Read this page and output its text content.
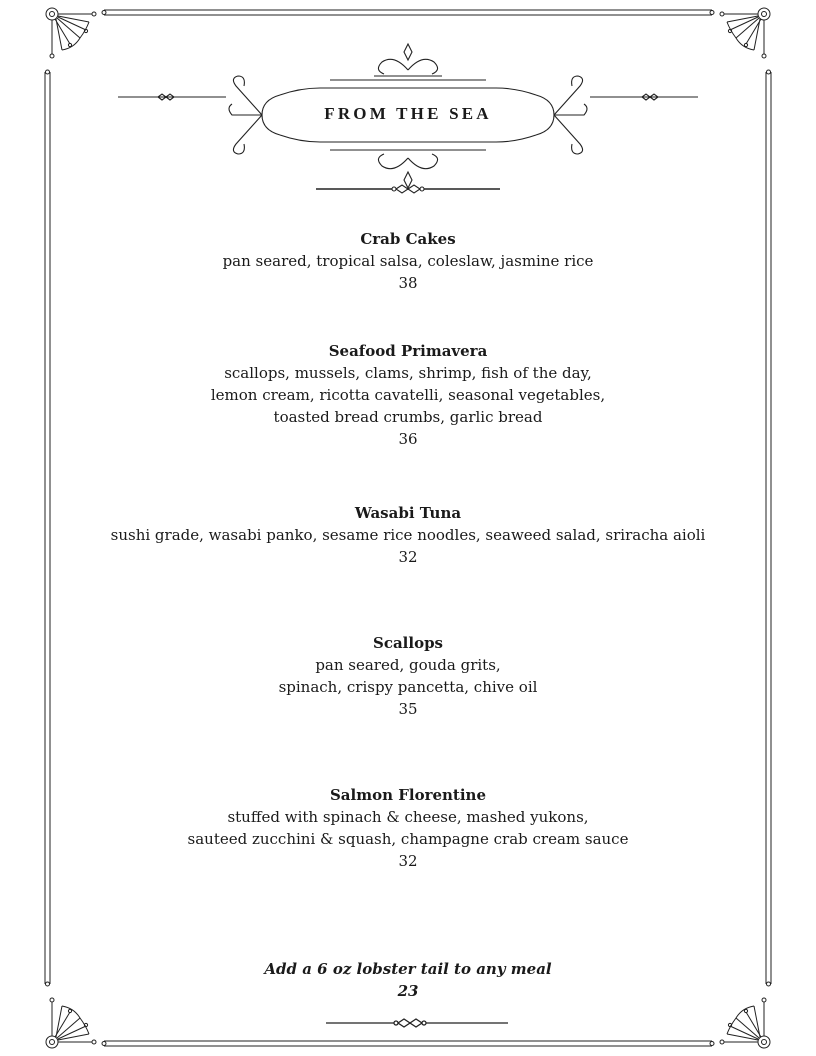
FROM THE SEA
Crab Cakes
pan seared, tropical salsa, coleslaw, jasmine rice
38
Seafood Primavera
scallops, mussels, clams, shrimp, fish of the day,
lemon cream, ricotta cavatelli, seasonal vegetables,
toasted bread crumbs, garlic bread
36
Wasabi Tuna
sushi grade, wasabi panko, sesame rice noodles, seaweed salad, sriracha aioli
32
Scallops
pan seared, gouda grits,
spinach, crispy pancetta, chive oil
35
Salmon Florentine
stuffed with spinach & cheese, mashed yukons,
sauteed zucchini & squash, champagne crab cream sauce
32
Add a 6 oz lobster tail to any meal
23
